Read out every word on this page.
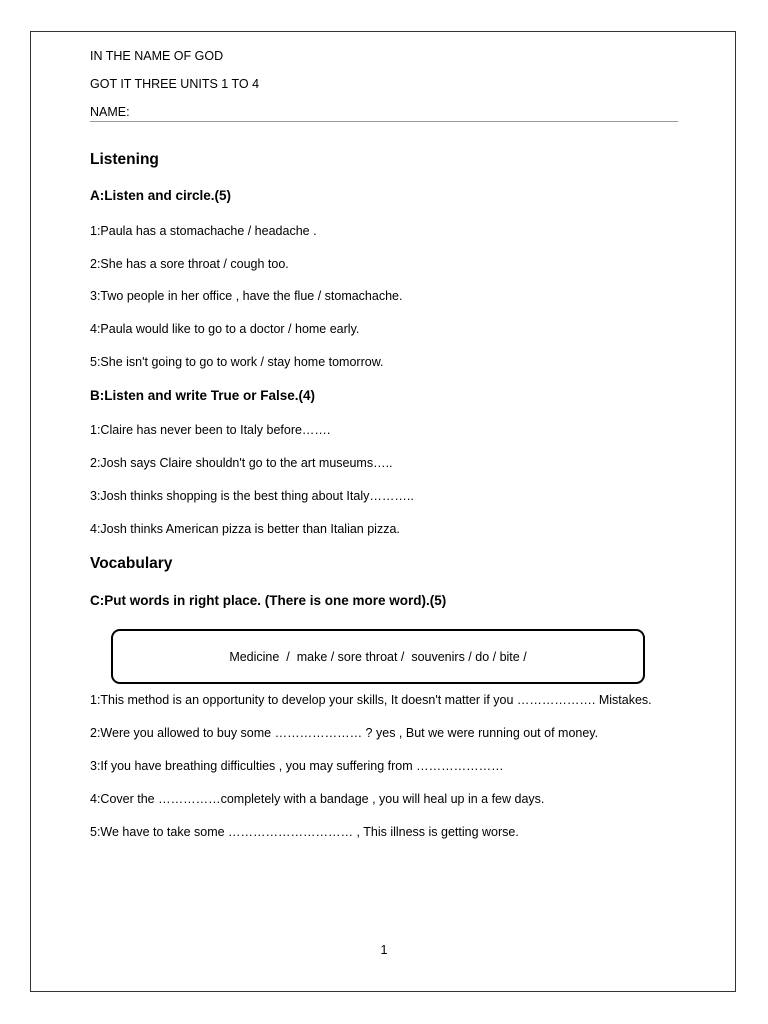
IN THE NAME OF GOD
GOT IT THREE UNITS 1 TO 4
NAME:
Listening
A:Listen and circle.(5)
1:Paula has a stomachache / headache .
2:She has a sore throat / cough too.
3:Two people in her office , have the flue / stomachache.
4:Paula would like to go to a doctor / home early.
5:She isn't going to go to work / stay home tomorrow.
B:Listen and write True or False.(4)
1:Claire has never been to Italy before…….
2:Josh says Claire shouldn't go to the art museums…..
3:Josh thinks shopping is the best thing about Italy………..
4:Josh thinks American pizza is better than Italian pizza.
Vocabulary
C:Put words in right place. (There is one more word).(5)
Medicine  /  make / sore throat /  souvenirs / do / bite /
1:This method is an opportunity to develop your skills, It doesn't matter if you ………………. Mistakes.
2:Were you allowed to buy some ………………… ? yes , But we were running out of money.
3:If you have breathing difficulties , you may suffering from …………………
4:Cover the ……………completely with a bandage , you will heal up in a few days.
5:We have to take some ………………………… , This illness is getting worse.
1
